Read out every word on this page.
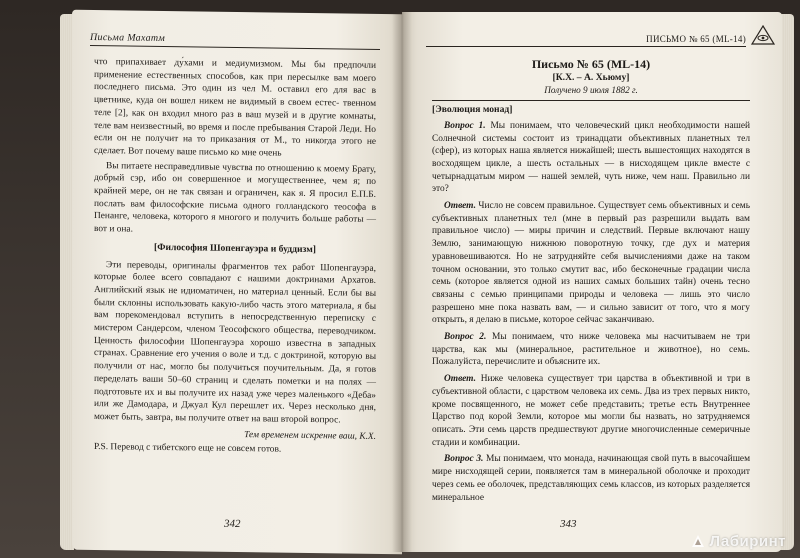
Письма Махатм
что припахивает ду́хами и медиумизмом. Мы бы предпочли применение естественных способов, как при пересылке вам моего последнего письма. Это один из чел М. оставил его для вас в цветнике, куда он вошел никем не видимый в своем естес- твенном теле [2], как он входил много раз в ваш музей и в другие комнаты, теле вам неизвестный, во время и после пребывания Старой Леди. Но если он не получит на то приказания от М., то никогда этого не сделает. Вот почему ваше письмо ко мне очень

Вы питаете несправедливые чувства по отношению к моему Брату, добрый сэр, ибо он совершенное и могущественнее, чем я; по крайней мере, он не так связан и ограничен, как я. Я просил Е.П.Б. послать вам философские письма одного голландского теософа в Пенанге, человека, которого я многого и получить больше работы — вот и она.

[Философия Шопенгауэра и буддизм]

Эти переводы, оригиналы фрагментов тех работ Шопенгауэра, которые более всего совпадают с нашими доктринами Архатов. Английский язык не идиоматичен, но материал ценный. Если бы вы были склонны использовать какую-либо часть этого материала, я бы вам порекомендовал вступить в непосредственную переписку с мистером Сандерсом, членом Теософского общества, переводчиком. Ценность философии Шопенгауэра хорошо известна в западных странах. Сравнение его учения о воле и т.д. с доктриной, которую вы получили от нас, могло бы получиться поучительным. Да, я готов переделать ваши 50–60 страниц и сделать пометки и на полях — подготовьте их и вы получите их назад уже через маленького «Деба» или же Дамодара, и Джуал Кул перешлет их. Через несколько дня, может быть, завтра, вы получите ответ на ваш второй вопрос.

Тем временем искренне ваш, К.Х.

P.S. Перевод с тибетского еще не совсем готов.

342
ПИСЬМО № 65 (ML-14)
Письмо № 65 (ML-14)
[К.Х. – А. Хьюму]
Получено 9 июля 1882 г.
[Эволюция монад]

Вопрос 1. Мы понимаем, что человеческий цикл необходимости нашей Солнечной системы состоит из тринадцати объективных планетных тел (сфер), из которых наша является нижайшей; шесть вышестоящих находятся в восходящем цикле, а шесть остальных — в нисходящем цикле вместе с четырнадцатым миром — нашей землей, чуть ниже, чем наш. Правильно ли это?

Ответ. Число не совсем правильное. Существует семь объективных и семь субъективных планетных тел (мне в первый раз разрешили выдать вам правильное число) — миры причин и следствий. Первые включают нашу Землю, занимающую нижнюю поворотную точку, где дух и материя уравновешиваются. Но не затрудняйте себя вычислениями даже на таком точном основании, это только смутит вас, ибо бесконечные градации числа семь (которое является одной из наших самых больших тайн) очень тесно связаны с семью принципами природы и человека — лишь это число разрешено мне пока назвать вам, — и сильно зависит от того, что я могу открыть, я делаю в письме, которое сейчас заканчиваю.

Вопрос 2. Мы понимаем, что ниже человека мы насчитываем не три царства, как мы (минеральное, растительное и животное), но семь. Пожалуйста, перечислите и объясните их.

Ответ. Ниже человека существует три царства в объективной и три в субъективной области, с царством человека их семь. Два из трех первых никто, кроме посвященного, не может себе представить; третье есть Внутреннее Царство под корой Земли, которое мы могли бы назвать, но затрудняемся описать. Эти семь царств предшествуют другие многочисленные семеричные стадии и комбинации.

Вопрос 3. Мы понимаем, что монада, начинающая свой путь в высочайшем мире нисходящей серии, появляется там в минеральной оболочке и проходит через семь ее оболочек, представляющих семь классов, из которых разделяется минеральное

343
Лабиринт
